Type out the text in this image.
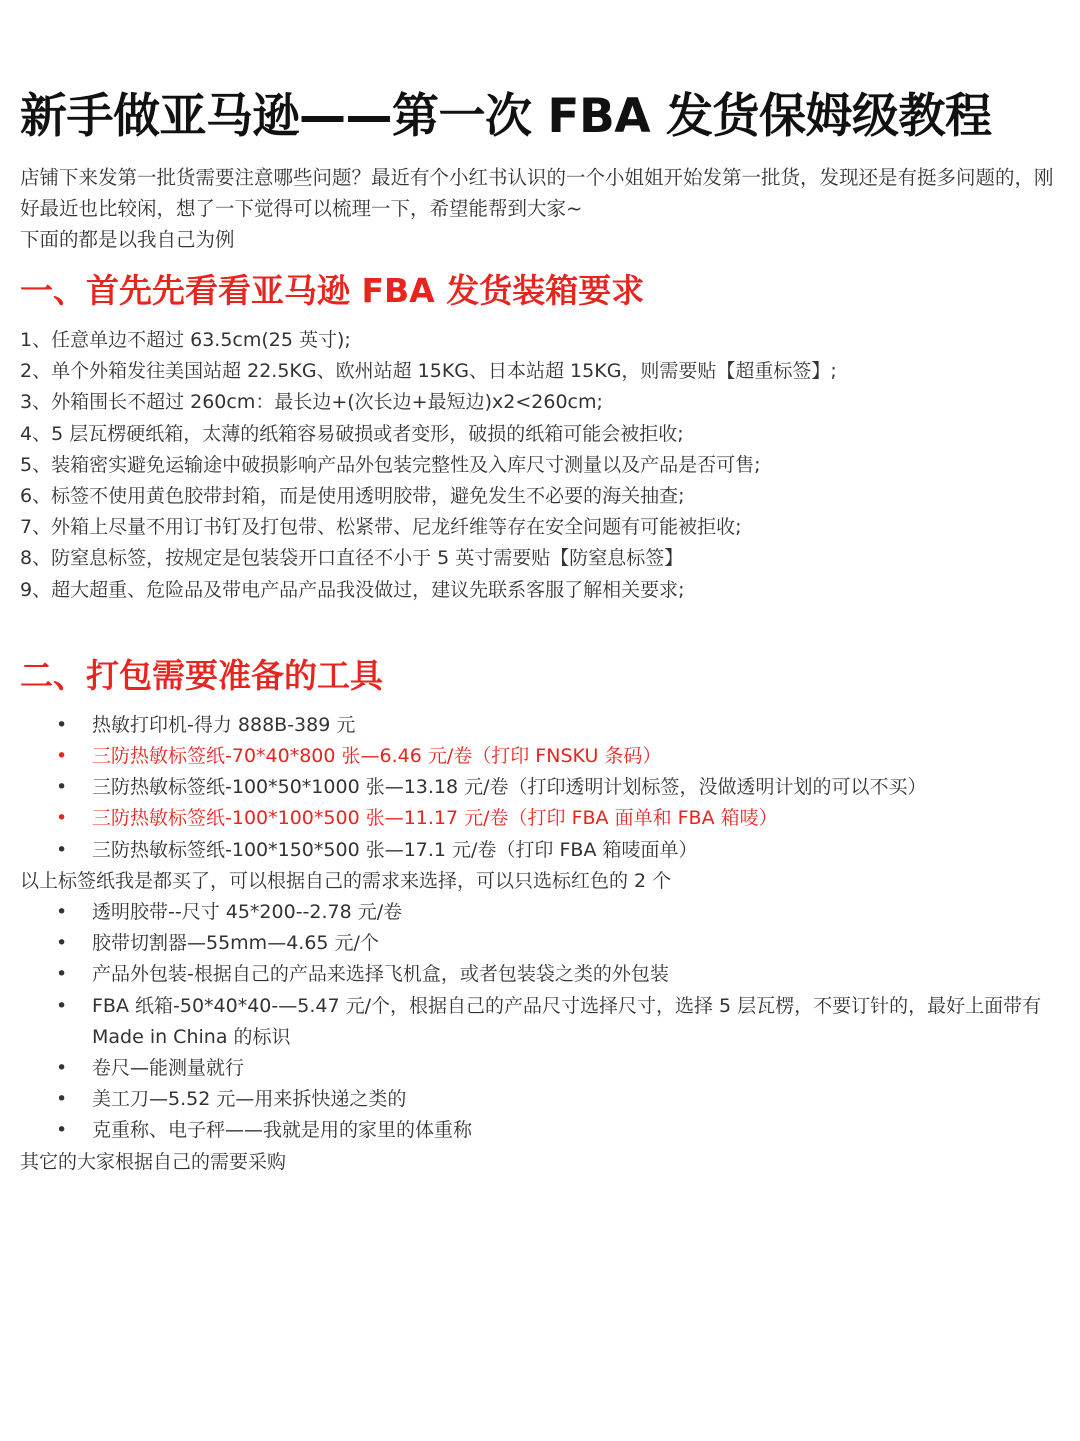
新手做亚马逊——第一次 FBA 发货保姆级教程

店铺下来发第一批货需要注意哪些问题？最近有个小红书认识的一个小姐姐开始发第一批货，发现还是有挺多问题的，刚好最近也比较闲，想了一下觉得可以梳理一下，希望能帮到大家~

下面的都是以我自己为例

一、首先先看看亚马逊 FBA 发货装箱要求
1、任意单边不超过 63.5cm(25 英寸);
2、单个外箱发往美国站超 22.5KG、欧州站超 15KG、日本站超 15KG，则需要贴【超重标签】;
3、外箱围长不超过 260cm：最长边+(次长边+最短边)x2<260cm;
4、5 层瓦楞硬纸箱，太薄的纸箱容易破损或者变形，破损的纸箱可能会被拒收;
5、装箱密实避免运输途中破损影响产品外包装完整性及入库尺寸测量以及产品是否可售;
6、标签不使用黄色胶带封箱，而是使用透明胶带，避免发生不必要的海关抽查;
7、外箱上尽量不用订书钉及打包带、松紧带、尼龙纤维等存在安全问题有可能被拒收;
8、防窒息标签，按规定是包装袋开口直径不小于 5 英寸需要贴【防窒息标签】
9、超大超重、危险品及带电产品产品我没做过，建议先联系客服了解相关要求;
二、打包需要准备的工具
• 热敏打印机-得力 888B-389 元
• 三防热敏标签纸-70*40*800 张—6.46 元/卷（打印 FNSKU 条码）
• 三防热敏标签纸-100*50*1000 张—13.18 元/卷（打印透明计划标签，没做透明计划的可以不买）
• 三防热敏标签纸-100*100*500 张—11.17 元/卷（打印 FBA 面单和 FBA 箱唛）
• 三防热敏标签纸-100*150*500 张—17.1 元/卷（打印 FBA 箱唛面单）

以上标签纸我是都买了，可以根据自己的需求来选择，可以只选标红色的 2 个

• 透明胶带--尺寸 45*200--2.78 元/卷
• 胶带切割器—55mm—4.65 元/个
• 产品外包装-根据自己的产品来选择飞机盒，或者包装袋之类的外包装
• FBA 纸箱-50*40*40-—5.47 元/个，根据自己的产品尺寸选择尺寸，选择 5 层瓦楞，不要订针的，最好上面带有 Made in China 的标识
• 卷尺—能测量就行
• 美工刀—5.52 元—用来拆快递之类的
• 克重称、电子秤——我就是用的家里的体重称

其它的大家根据自己的需要采购
